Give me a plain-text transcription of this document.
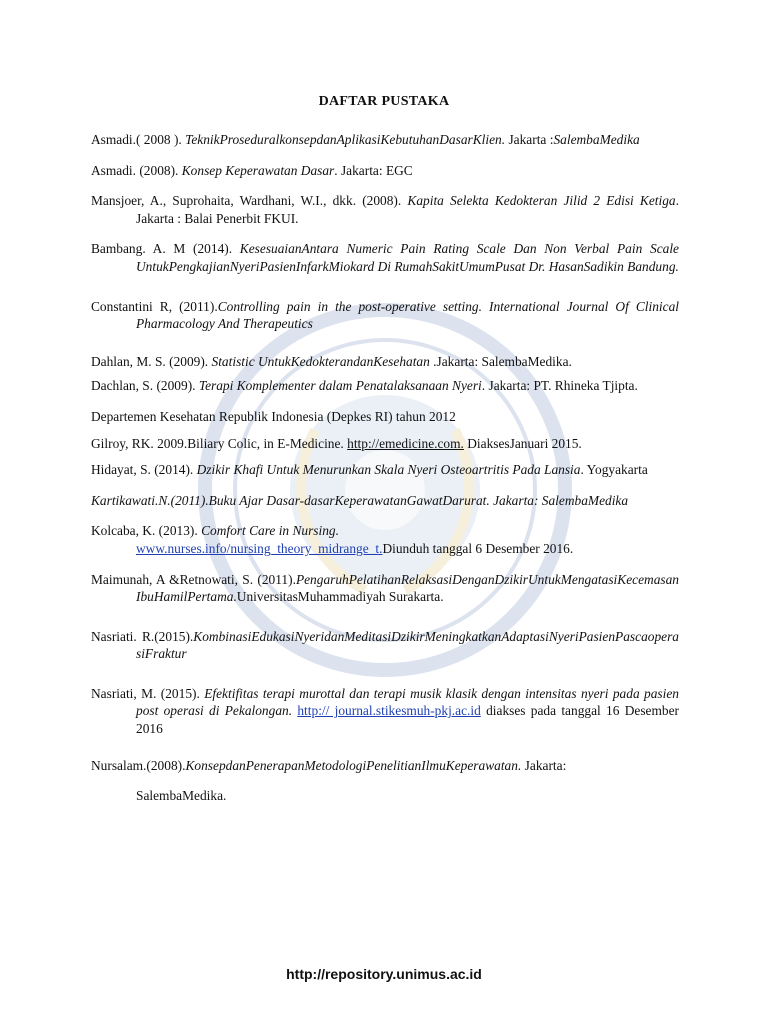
DAFTAR PUSTAKA

Asmadi.( 2008 ). TeknikProseduralkonsepdanAplikasiKebutuhanDasarKlien. Jakarta :SalembaMedika

Asmadi. (2008). Konsep Keperawatan Dasar. Jakarta: EGC

Mansjoer, A., Suprohaita, Wardhani, W.I., dkk. (2008). Kapita Selekta Kedokteran Jilid 2 Edisi Ketiga. Jakarta : Balai Penerbit FKUI.

Bambang. A. M (2014). KesesuaianAntara Numeric Pain Rating Scale Dan Non Verbal Pain Scale UntukPengkajianNyeriPasienInfarkMiokard Di RumahSakitUmumPusat Dr. HasanSadikin Bandung.

Constantini R, (2011).Controlling pain in the post-operative setting. International Journal Of Clinical Pharmacology And Therapeutics

Dahlan, M. S. (2009). Statistic UntukKedokterandanKesehatan .Jakarta: SalembaMedika.

Dachlan, S. (2009). Terapi Komplementer dalam Penatalaksanaan Nyeri. Jakarta: PT. Rhineka Tjipta.

Departemen Kesehatan Republik Indonesia (Depkes RI) tahun 2012

Gilroy, RK. 2009.Biliary Colic, in E-Medicine. http://emedicine.com. DiaksesJanuari 2015.

Hidayat, S. (2014). Dzikir Khafi Untuk Menurunkan Skala Nyeri Osteoartritis Pada Lansia. Yogyakarta

Kartikawati.N.(2011).Buku Ajar Dasar-dasarKeperawatanGawatDarurat. Jakarta: SalembaMedika

Kolcaba, K. (2013). Comfort Care in Nursing.
www.nurses.info/nursing_theory_midrange_t.Diunduh tanggal 6 Desember 2016.

Maimunah, A &Retnowati, S. (2011).PengaruhPelatihanRelaksasiDenganDzikirUntukMengatasiKecemasanIbuHamilPertama.UniversitasMuhammadiyah Surakarta.

Nasriati. R.(2015).KombinasiEdukasiNyeridanMeditasiDzikirMeningkatkanAdaptasiNyeriPasienPascaoperasiFraktur

Nasriati, M. (2015). Efektifitas terapi murottal dan terapi musik klasik dengan intensitas nyeri pada pasien post operasi di Pekalongan. http:// journal.stikesmuh-pkj.ac.id diakses pada tanggal 16 Desember 2016

Nursalam.(2008).KonsepdanPenerapanMetodologiPenelitianIlmuKeperawatan. Jakarta:
SalembaMedika.

http://repository.unimus.ac.id
